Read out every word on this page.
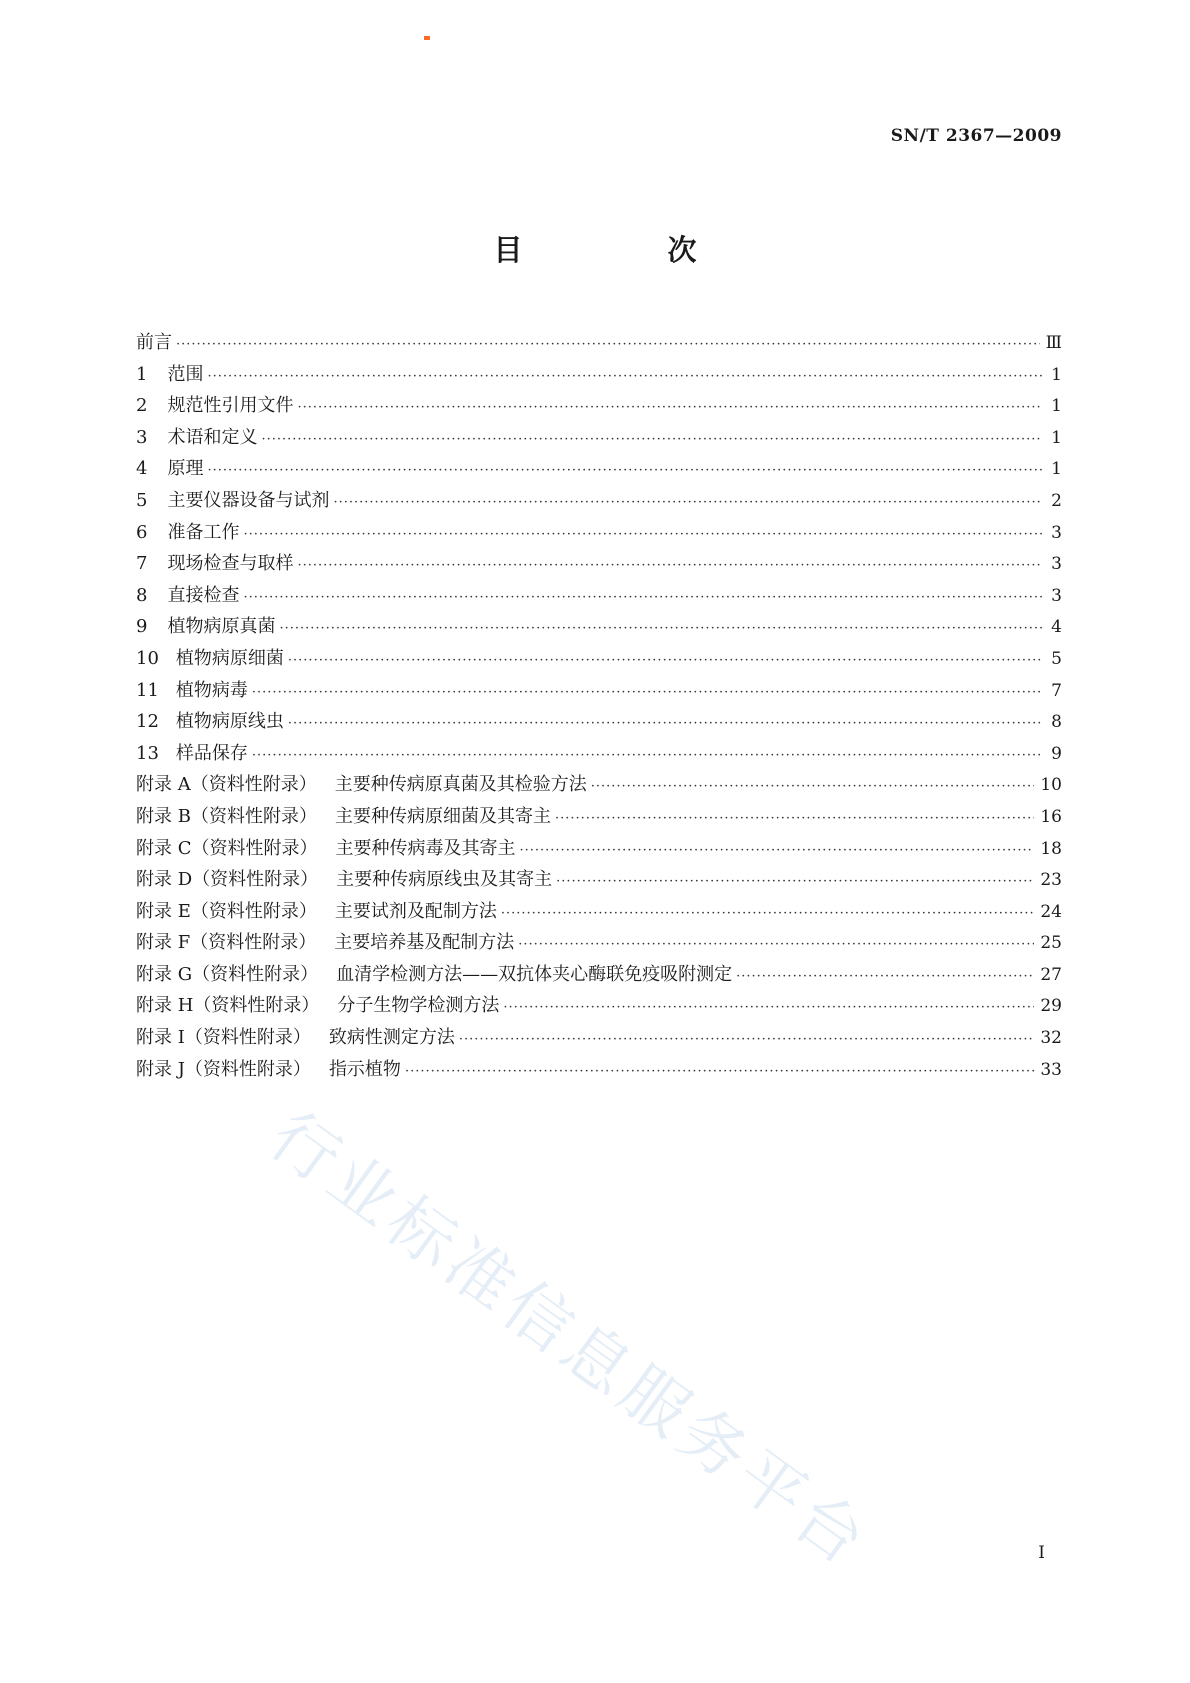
SN/T 2367—2009
目　次
前言 ·····	Ⅲ
1 范围 ·····	1
2 规范性引用文件 ·····	1
3 术语和定义 ·····	1
4 原理 ·····	1
5 主要仪器设备与试剂 ·····	2
6 准备工作 ·····	3
7 现场检查与取样 ·····	3
8 直接检查 ·····	3
9 植物病原真菌 ·····	4
10 植物病原细菌 ·····	5
11 植物病毒 ·····	7
12 植物病原线虫 ·····	8
13 样品保存 ·····	9
附录 A（资料性附录） 主要种传病原真菌及其检验方法 ·····	10
附录 B（资料性附录） 主要种传病原细菌及其寄主 ·····	16
附录 C（资料性附录） 主要种传病毒及其寄主 ·····	18
附录 D（资料性附录） 主要种传病原线虫及其寄主 ·····	23
附录 E（资料性附录） 主要试剂及配制方法 ·····	24
附录 F（资料性附录） 主要培养基及配制方法 ·····	25
附录 G（资料性附录） 血清学检测方法——双抗体夹心酶联免疫吸附测定 ·····	27
附录 H（资料性附录） 分子生物学检测方法 ·····	29
附录 I（资料性附录） 致病性测定方法 ·····	32
附录 J（资料性附录） 指示植物 ·····	33
行业标准信息服务平台	I
